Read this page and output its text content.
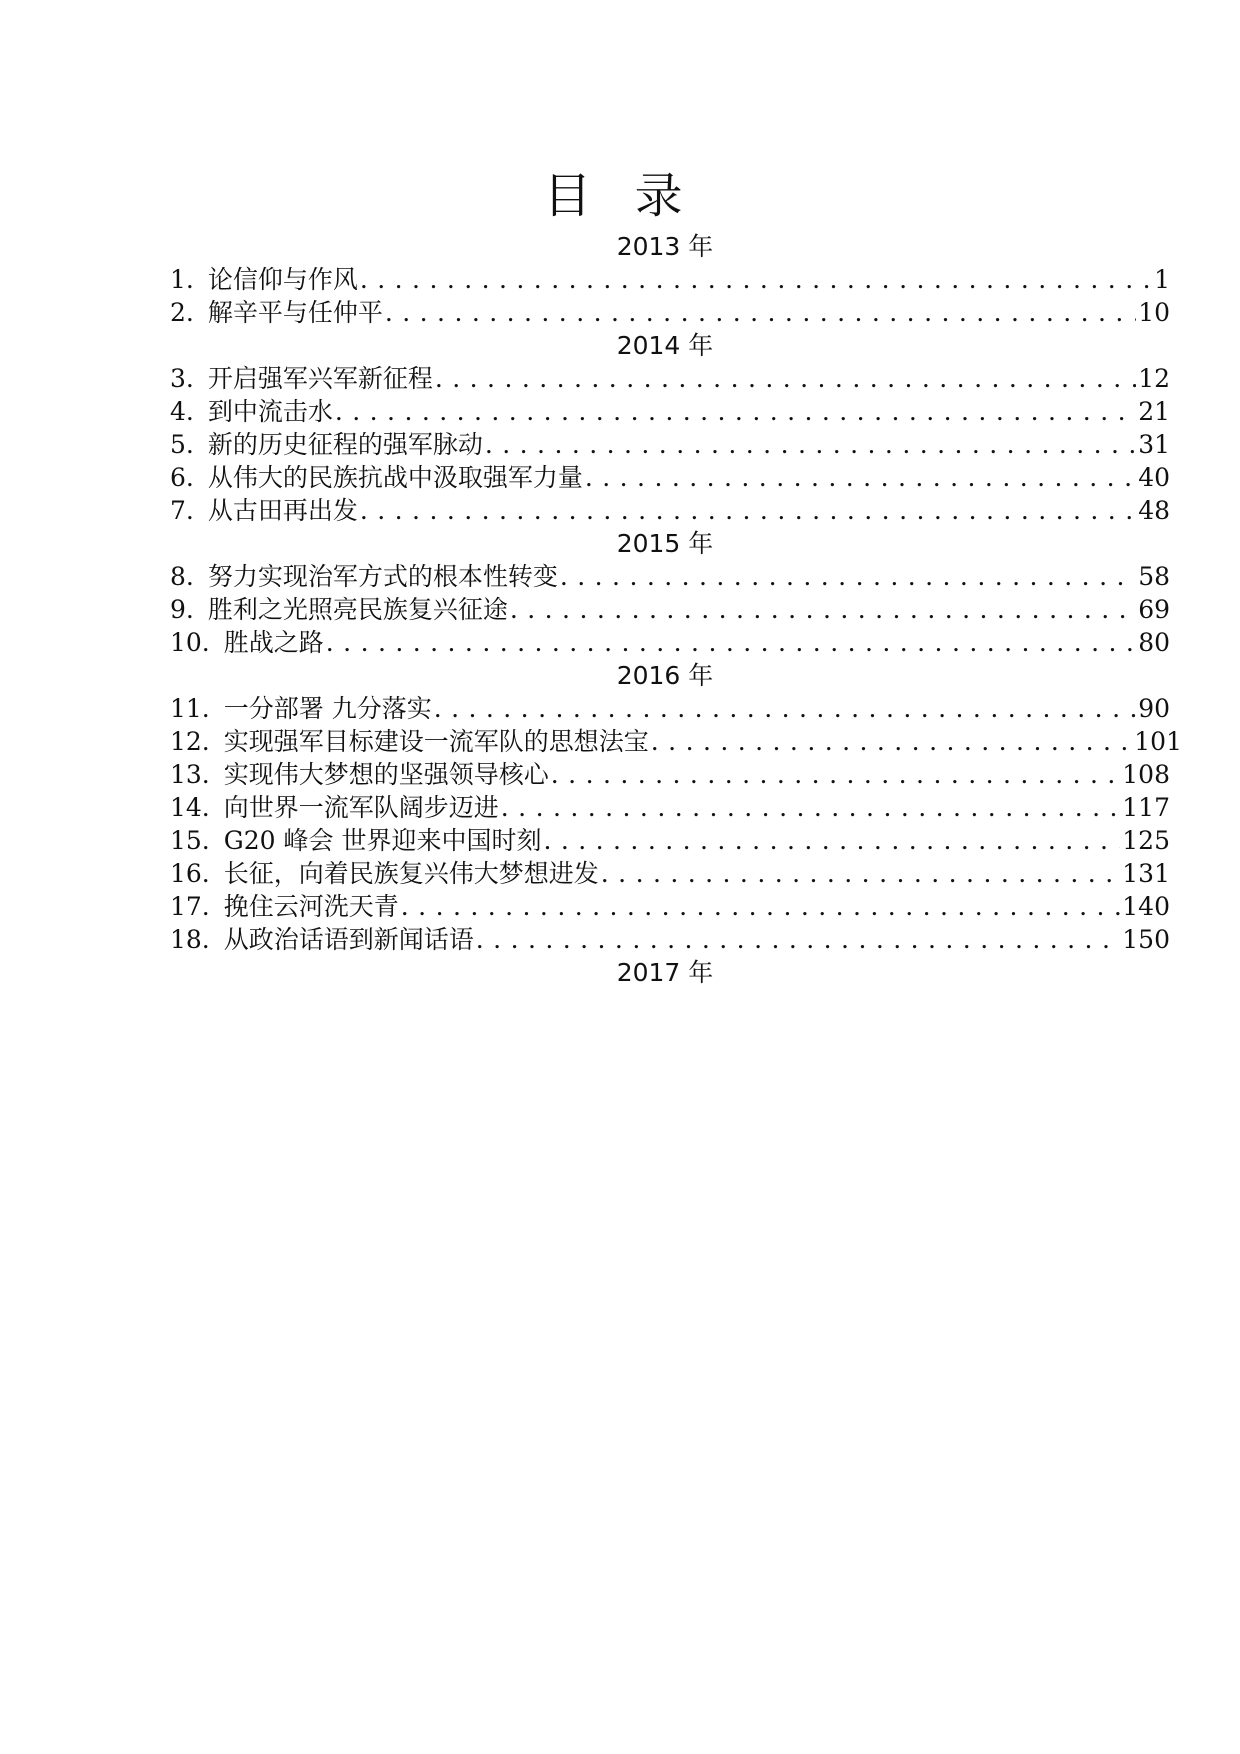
目 录
2013 年
1. 论信仰与作风 . . .	1
2. 解辛平与任仲平 . . .	10
2014 年
3. 开启强军兴军新征程 . . .	12
4. 到中流击水 . . .	21
5. 新的历史征程的强军脉动 . . .	31
6. 从伟大的民族抗战中汲取强军力量 . . .	40
7. 从古田再出发 . . .	48
2015 年
8. 努力实现治军方式的根本性转变 . . .	58
9. 胜利之光照亮民族复兴征途 . . .	69
10. 胜战之路 . . .	80
2016 年
11. 一分部署 九分落实 . . .	90
12. 实现强军目标建设一流军队的思想法宝 . . .	101
13. 实现伟大梦想的坚强领导核心 . . .	108
14. 向世界一流军队阔步迈进 . . .	117
15. G20 峰会 世界迎来中国时刻 . . .	125
16. 长征，向着民族复兴伟大梦想进发 . . .	131
17. 挽住云河洗天青 . . .	140
18. 从政治话语到新闻话语 . . .	150
2017 年
